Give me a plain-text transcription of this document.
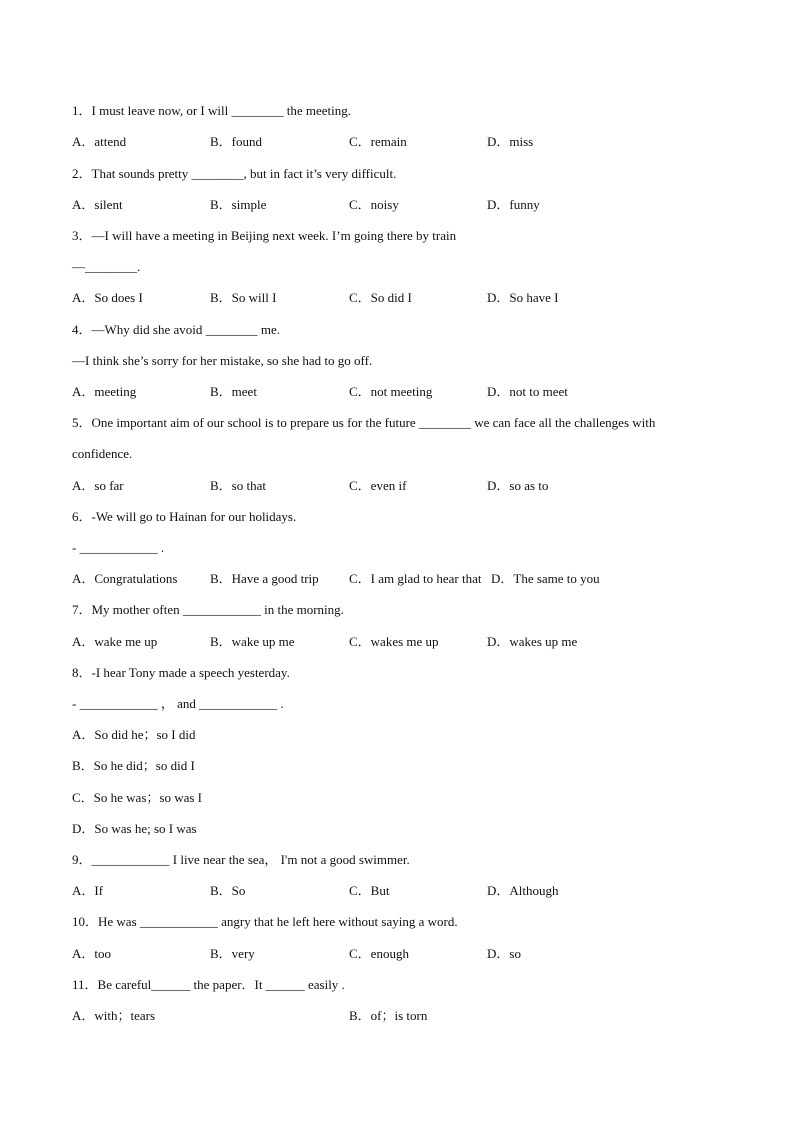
1．I must leave now, or I will ________ the meeting.
A．attend	B．found	C．remain	D．miss
2．That sounds pretty ________, but in fact it’s very difficult.
A．silent	B．simple	C．noisy	D．funny
3．—I will have a meeting in Beijing next week. I’m going there by train
—________.
A．So does I	B．So will I	C．So did I	D．So have I
4．—Why did she avoid ________ me.
—I think she’s sorry for her mistake, so she had to go off.
A．meeting	B．meet	C．not meeting	D．not to meet
5．One important aim of our school is to prepare us for the future ________ we can face all the challenges with
confidence.
A．so far	B．so that	C．even if	D．so as to
6．-We will go to Hainan for our holidays.
- ____________ .
A．Congratulations	B．Have a good trip C．I am glad to hear that D．The same to you
7．My mother often ____________ in the morning.
A．wake me up	B．wake up me	C．wakes me up	D．wakes up me
8．-I hear Tony made a speech yesterday.
- ____________ ， and ____________ .
A．So did he；so I did
B．So he did；so did I
C．So he was；so was I
D．So was he; so I was
9．____________ I live near the sea， I'm not a good swimmer.
A．If	B．So	C．But	D．Although
10．He was ____________ angry that he left here without saying a word.
A．too	B．very	C．enough	D．so
11．Be careful______ the paper．It ______ easily .
A．with；tears	B．of；is torn
